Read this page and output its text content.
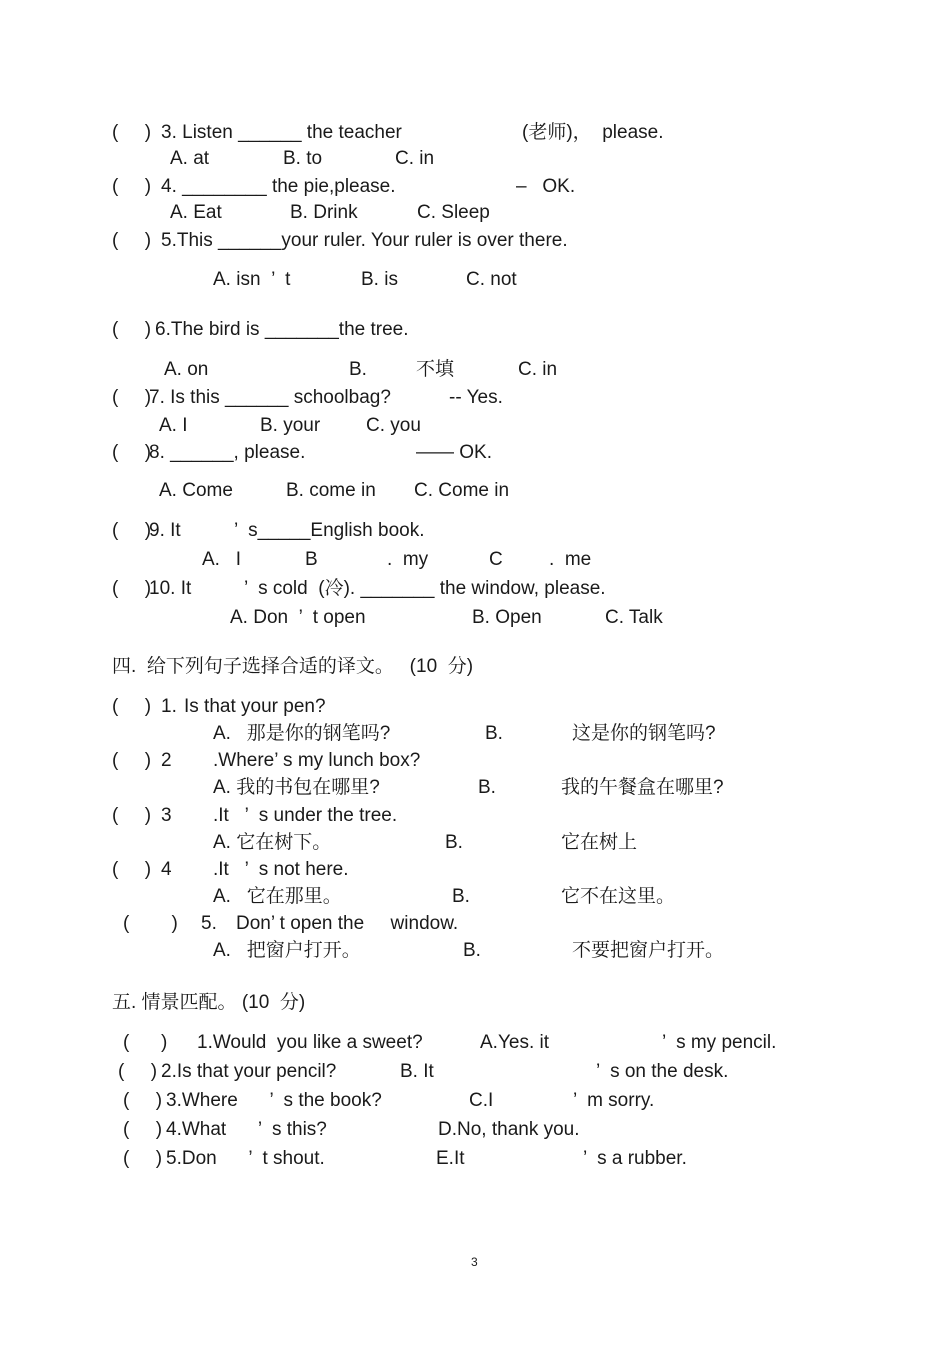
(     ) 3. Listen ______ the teacher	(老师)，  please.
A. at	B. to	C. in
(     ) 4. ________ the pie,please.	–   OK.
A. Eat	B. Drink	C. Sleep
(     ) 5.This ______your ruler. Your ruler is over there.
A. isn  ’  t	B. is	C. not
(     ) 6.The bird is _______the tree.
A. on	B.	不填	C. in
(     )
7. Is this ______ schoolbag?	-- Yes.
A. I	B. your C. you
(     )
8. ______, please.	—— OK.
A. Come	B. come in C. Come in
(     )
9. It	’  s_____English book.
A.   I	B	.  my	C .  me
(     )
10. It	’  s cold  (冷). _______ the window, please.
A. Don  ’  t open	B. Open	C. Talk
四.  给下列句子选择合适的译文。   (10  分)
(     ) 1. Is that your pen?
A.   那是你的钢笔吗?	B.	这是你的钢笔吗?
(     ) 2 .Where’ s my lunch box?
A. 我的书包在哪里?	B.	我的午餐盒在哪里?
(     ) 3 .It   ’  s under the tree.
A. 它在树下。	B.	它在树上
(     ) 4 .It   ’  s not here.
A.   它在那里。	B.	它不在这里。
(        ) 5. Don’ t open the     window.
A.   把窗户打开。	B.	不要把窗户打开。
五. 情景匹配。 (10  分)
(      ) 1.Would  you like a sweet?	A.Yes. it	’  s my pencil.
(     ) 2.Is that your pencil?	B. It	’  s on the desk.
(     ) 3.Where      ’  s the book?	C.I	’  m sorry.
(     ) 4.What      ’  s this?	D.No, thank you.
(     ) 5.Don      ’  t shout.	E.It	’  s a rubber.
3
